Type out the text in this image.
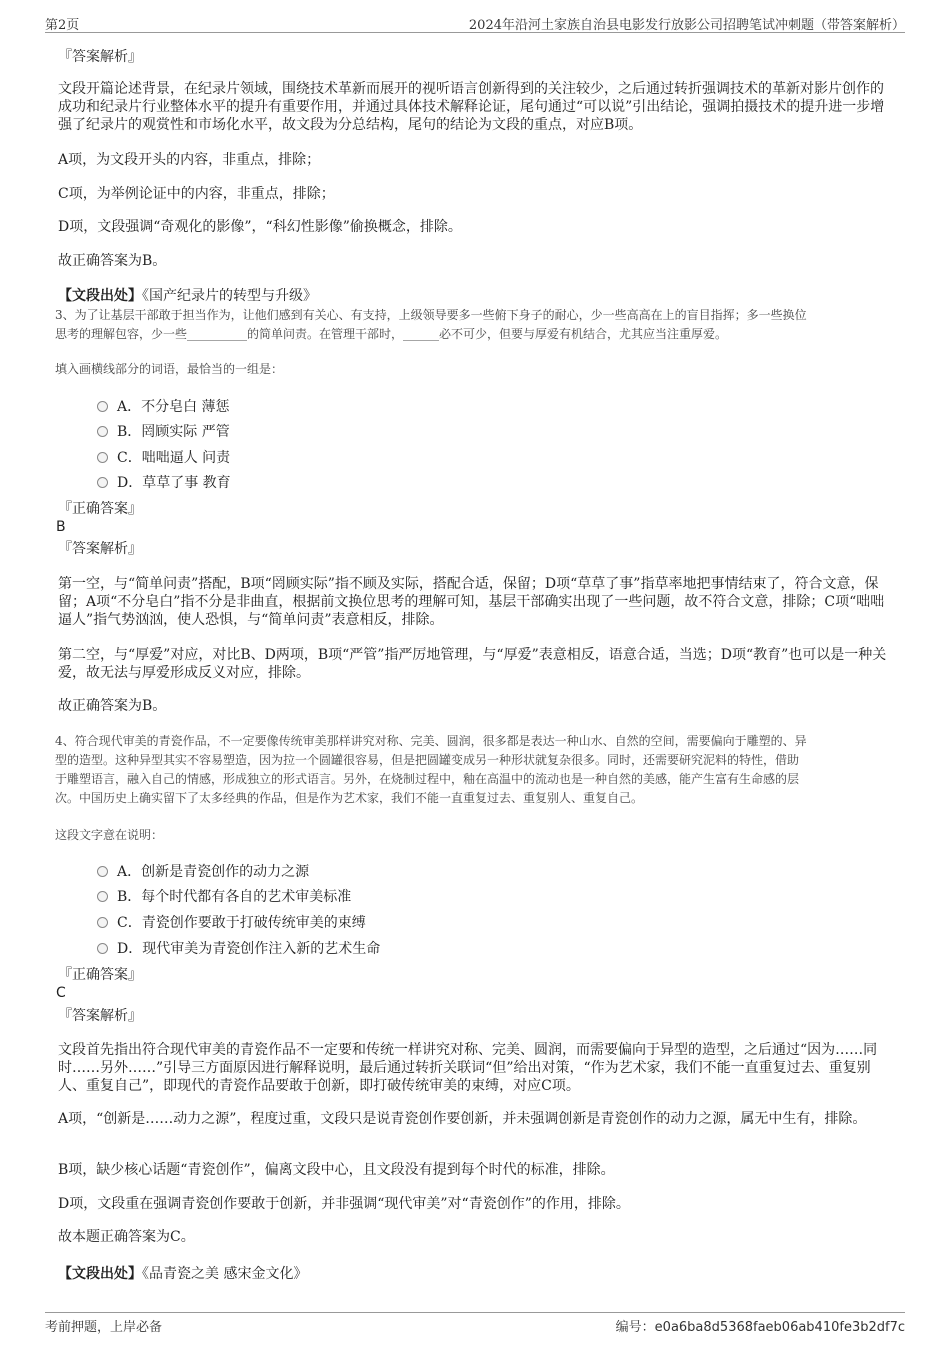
第2页	2024年沿河土家族自治县电影发行放影公司招聘笔试冲刺题（带答案解析）
『答案解析』
文段开篇论述背景，在纪录片领域，围绕技术革新而展开的视听语言创新得到的关注较少，之后通过转折强调技术的革新对影片创作的成功和纪录片行业整体水平的提升有重要作用，并通过具体技术解释论证，尾句通过“可以说”引出结论，强调拍摄技术的提升进一步增强了纪录片的观赏性和市场化水平，故文段为分总结构，尾句的结论为文段的重点，对应B项。
A项，为文段开头的内容，非重点，排除；
C项，为举例论证中的内容，非重点，排除；
D项，文段强调“奇观化的影像”，“科幻性影像”偷换概念，排除。
故正确答案为B。
【文段出处】《国产纪录片的转型与升级》
3、为了让基层干部敢于担当作为，让他们感到有关心、有支持，上级领导要多一些俯下身子的耐心，少一些高高在上的盲目指挥；多一些换位
思考的理解包容，少一些__________的简单问责。在管理干部时，______必不可少，但要与厚爱有机结合，尤其应当注重厚爱。
填入画横线部分的词语，最恰当的一组是：
A．不分皂白 薄惩
B．罔顾实际 严管
C．咄咄逼人 问责
D．草草了事 教育
『正确答案』
B
『答案解析』
第一空，与“简单问责”搭配，B项“罔顾实际”指不顾及实际，搭配合适，保留；D项“草草了事”指草率地把事情结束了，符合文意，保留；A项“不分皂白”指不分是非曲直，根据前文换位思考的理解可知，基层干部确实出现了一些问题，故不符合文意，排除；C项“咄咄逼人”指气势汹汹，使人恐惧，与“简单问责”表意相反，排除。
第二空，与“厚爱”对应，对比B、D两项，B项“严管”指严厉地管理，与“厚爱”表意相反，语意合适，当选；D项“教育”也可以是一种关爱，故无法与厚爱形成反义对应，排除。
故正确答案为B。
4、符合现代审美的青瓷作品，不一定要像传统审美那样讲究对称、完美、圆润，很多都是表达一种山水、自然的空间，需要偏向于雕塑的、异
型的造型。这种异型其实不容易塑造，因为拉一个圆罐很容易，但是把圆罐变成另一种形状就复杂很多。同时，还需要研究泥料的特性，借助
于雕塑语言，融入自己的情感，形成独立的形式语言。另外，在烧制过程中，釉在高温中的流动也是一种自然的美感，能产生富有生命感的层
次。中国历史上确实留下了太多经典的作品，但是作为艺术家，我们不能一直重复过去、重复别人、重复自己。
这段文字意在说明：
A．创新是青瓷创作的动力之源
B．每个时代都有各自的艺术审美标准
C．青瓷创作要敢于打破传统审美的束缚
D．现代审美为青瓷创作注入新的艺术生命
『正确答案』
C
『答案解析』
文段首先指出符合现代审美的青瓷作品不一定要和传统一样讲究对称、完美、圆润，而需要偏向于异型的造型，之后通过“因为……同时……另外……”引导三方面原因进行解释说明，最后通过转折关联词“但”给出对策，“作为艺术家，我们不能一直重复过去、重复别人、重复自己”，即现代的青瓷作品要敢于创新，即打破传统审美的束缚，对应C项。
A项，“创新是……动力之源”，程度过重，文段只是说青瓷创作要创新，并未强调创新是青瓷创作的动力之源，属无中生有，排除。
B项，缺少核心话题“青瓷创作”，偏离文段中心，且文段没有提到每个时代的标准，排除。
D项，文段重在强调青瓷创作要敢于创新，并非强调“现代审美”对“青瓷创作”的作用，排除。
故本题正确答案为C。
【文段出处】《品青瓷之美 感宋金文化》
考前押题，上岸必备	编号：e0a6ba8d5368faeb06ab410fe3b2df7c
